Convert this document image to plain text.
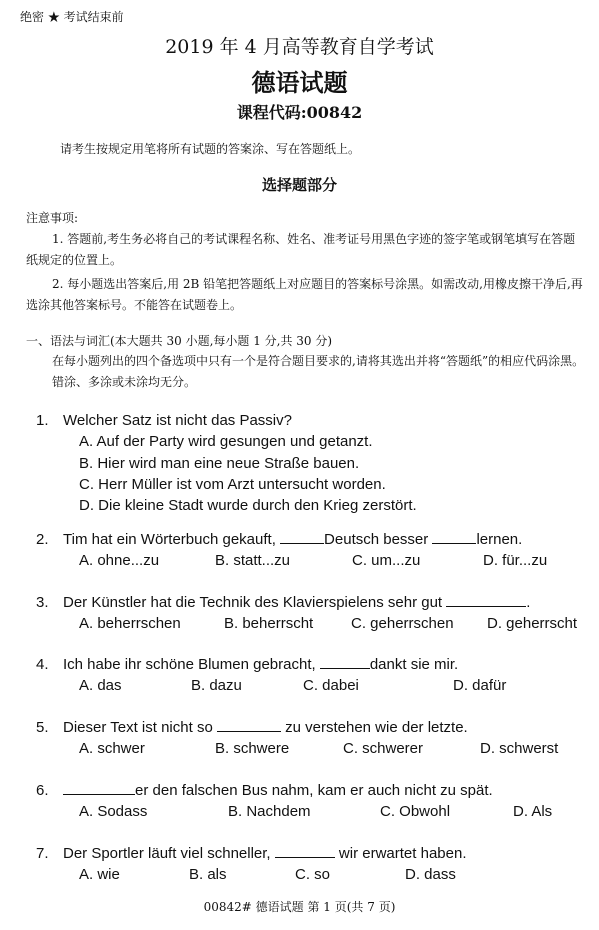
绝密 ★ 考试结束前
2019 年 4 月高等教育自学考试
德语试题
课程代码:00842
请考生按规定用笔将所有试题的答案涂、写在答题纸上。
选择题部分
注意事项:
1. 答题前,考生务必将自己的考试课程名称、姓名、准考证号用黑色字迹的签字笔或钢笔填写在答题纸规定的位置上。
2. 每小题选出答案后,用 2B 铅笔把答题纸上对应题目的答案标号涂黑。如需改动,用橡皮擦干净后,再选涂其他答案标号。不能答在试题卷上。
一、语法与词汇(本大题共 30 小题,每小题 1 分,共 30 分)
在每小题列出的四个备选项中只有一个是符合题目要求的,请将其选出并将“答题纸”的相应代码涂黑。错涂、多涂或未涂均无分。
1. Welcher Satz ist nicht das Passiv?
A. Auf der Party wird gesungen und getanzt.
B. Hier wird man eine neue Straße bauen.
C. Herr Müller ist vom Arzt untersucht worden.
D. Die kleine Stadt wurde durch den Krieg zerstört.
2. Tim hat ein Wörterbuch gekauft,	Deutsch besser	lernen.
A. ohne...zu	B. statt...zu	C. um...zu	D. für...zu
3. Der Künstler hat die Technik des Klavierspielens sehr gut	.
A. beherrschen	B. beherrscht	C. geherrschen D. geherrscht
4. Ich habe ihr schöne Blumen gebracht,	dankt sie mir.
A. das	B. dazu	C. dabei	D. dafür
5. Dieser Text ist nicht so	zu verstehen wie der letzte.
A. schwer	B. schwere	C. schwerer	D. schwerst
6.	er den falschen Bus nahm, kam er auch nicht zu spät.
A. Sodass	B. Nachdem	C. Obwohl	D. Als
7. Der Sportler läuft viel schneller,	wir erwartet haben.
A. wie	B. als	C. so	D. dass
00842# 德语试题 第 1 页(共 7 页)
